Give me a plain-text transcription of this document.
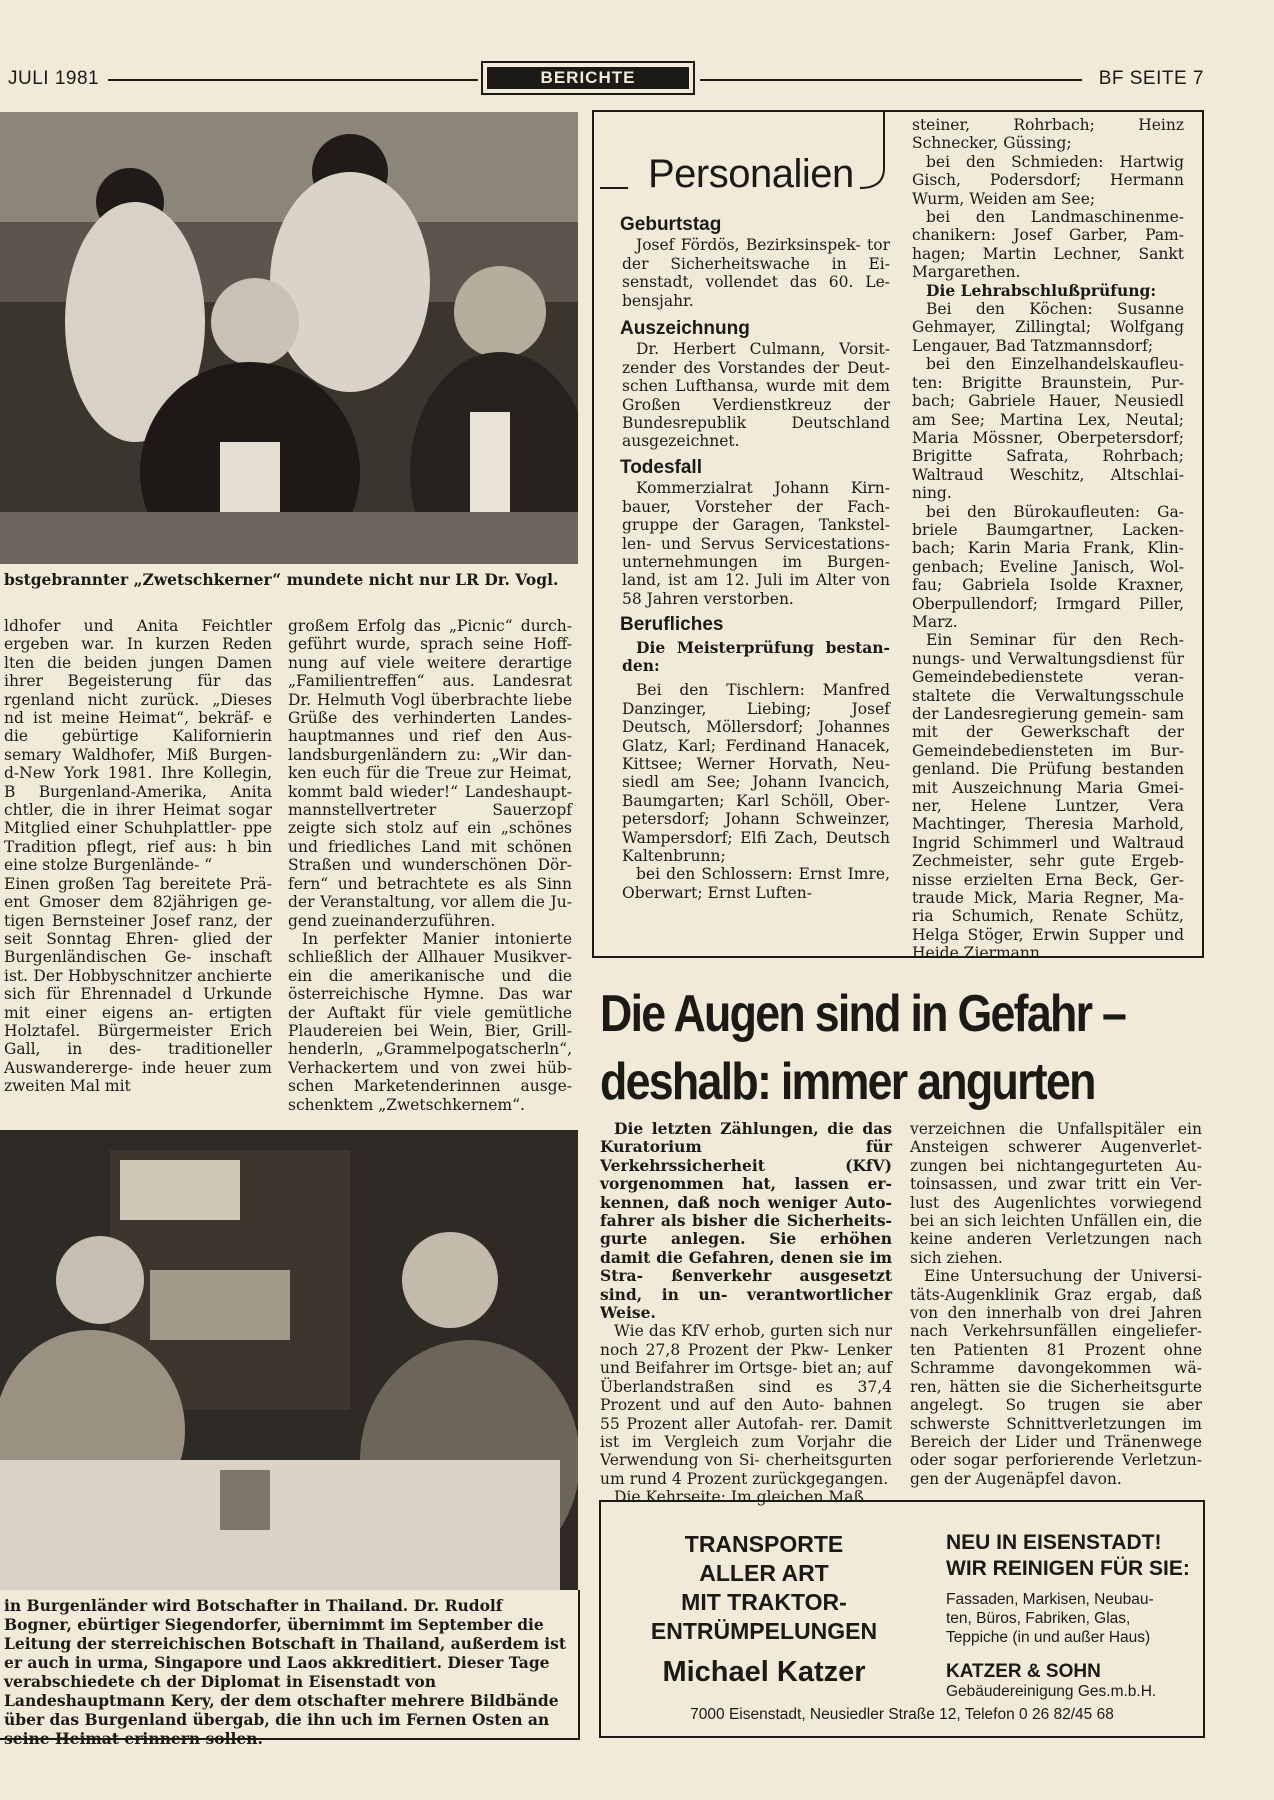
JULI 1981	BERICHTE	BF SEITE 7
bstgebrannter „Zwetschkerner“ mundete nicht nur LR Dr. Vogl.

ldhofer und Anita Feichtler ergeben war. In kurzen Reden lten die beiden jungen Damen ihrer Begeisterung für das rgenland nicht zurück. „Dieses nd ist meine Heimat“, bekräf- e die gebürtige Kalifornierin semary Waldhofer, Miß Burgen- d-New York 1981. Ihre Kollegin, B Burgenland-Amerika, Anita chtler, die in ihrer Heimat sogar Mitglied einer Schuhplattler- ppe Tradition pflegt, rief aus: h bin eine stolze Burgenlände- “

Einen großen Tag bereitete Prä- ent Gmoser dem 82jährigen ge- tigen Bernsteiner Josef ranz, der seit Sonntag Ehren- glied der Burgenländischen Ge- inschaft ist. Der Hobbyschnitzer anchierte sich für Ehrennadel d Urkunde mit einer eigens an- ertigten Holztafel. Bürgermeister Erich Gall, in des- traditioneller Auswandererge- inde heuer zum zweiten Mal mit

großem Erfolg das „Picnic“ durch- geführt wurde, sprach seine Hoff- nung auf viele weitere derartige „Familientreffen“ aus. Landesrat Dr. Helmuth Vogl überbrachte liebe Grüße des verhinderten Landes- hauptmannes und rief den Aus- landsburgenländern zu: „Wir dan- ken euch für die Treue zur Heimat, kommt bald wieder!“ Landeshaupt- mannstellvertreter Sauerzopf zeigte sich stolz auf ein „schönes und friedliches Land mit schönen Straßen und wunderschönen Dör- fern“ und betrachtete es als Sinn der Veranstaltung, vor allem die Ju- gend zueinanderzuführen.

In perfekter Manier intonierte schließlich der Allhauer Musikver- ein die amerikanische und die österreichische Hymne. Das war der Auftakt für viele gemütliche Plaudereien bei Wein, Bier, Grill- henderln, „Grammelpogatscherln“, Verhackertem und von zwei hüb- schen Marketenderinnen ausge- schenktem „Zwetschkernem“.

in Burgenländer wird Botschafter in Thailand. Dr. Rudolf Bogner, ebürtiger Siegendorfer, übernimmt im September die Leitung der sterreichischen Botschaft in Thailand, außerdem ist er auch in urma, Singapore und Laos akkreditiert. Dieser Tage verabschiedete ch der Diplomat in Eisenstadt von Landeshauptmann Kery, der dem otschafter mehrere Bildbände über das Burgenland übergab, die ihn uch im Fernen Osten an seine Heimat erinnern sollen.
Personalien
Geburtstag

Josef Fördös, Bezirksinspek- tor der Sicherheitswache in Ei- senstadt, vollendet das 60. Le- bensjahr.

Auszeichnung

Dr. Herbert Culmann, Vorsit- zender des Vorstandes der Deut- schen Lufthansa, wurde mit dem Großen Verdienstkreuz der Bundesrepublik Deutschland ausgezeichnet.

Todesfall

Kommerzialrat Johann Kirn- bauer, Vorsteher der Fach- gruppe der Garagen, Tankstel- len- und Servus Servicestations- unternehmungen im Burgen- land, ist am 12. Juli im Alter von 58 Jahren verstorben.

Berufliches

Die Meisterprüfung bestan- den:

Bei den Tischlern: Manfred Danzinger, Liebing; Josef Deutsch, Möllersdorf; Johannes Glatz, Karl; Ferdinand Hanacek, Kittsee; Werner Horvath, Neu- siedl am See; Johann Ivancich, Baumgarten; Karl Schöll, Ober- petersdorf; Johann Schweinzer, Wampersdorf; Elfi Zach, Deutsch Kaltenbrunn;

bei den Schlossern: Ernst Imre, Oberwart; Ernst Luften-

steiner, Rohrbach; Heinz Schnecker, Güssing;

bei den Schmieden: Hartwig Gisch, Podersdorf; Hermann Wurm, Weiden am See;

bei den Landmaschinenme- chanikern: Josef Garber, Pam- hagen; Martin Lechner, Sankt Margarethen.

Die Lehrabschlußprüfung:

Bei den Köchen: Susanne Gehmayer, Zillingtal; Wolfgang Lengauer, Bad Tatzmannsdorf;

bei den Einzelhandelskaufleu- ten: Brigitte Braunstein, Pur- bach; Gabriele Hauer, Neusiedl am See; Martina Lex, Neutal; Maria Mössner, Oberpetersdorf; Brigitte Safrata, Rohrbach; Waltraud Weschitz, Altschlai- ning.

bei den Bürokaufleuten: Ga- briele Baumgartner, Lacken- bach; Karin Maria Frank, Klin- genbach; Eveline Janisch, Wol- fau; Gabriela Isolde Kraxner, Oberpullendorf; Irmgard Piller, Marz.

Ein Seminar für den Rech- nungs- und Verwaltungsdienst für Gemeindebedienstete veran- staltete die Verwaltungsschule der Landesregierung gemein- sam mit der Gewerkschaft der Gemeindebediensteten im Bur- genland. Die Prüfung bestanden mit Auszeichnung Maria Gmei- ner, Helene Luntzer, Vera Machtinger, Theresia Marhold, Ingrid Schimmerl und Waltraud Zechmeister, sehr gute Ergeb- nisse erzielten Erna Beck, Ger- traude Mick, Maria Regner, Ma- ria Schumich, Renate Schütz, Helga Stöger, Erwin Supper und Heide Ziermann.

Die Augen sind in Gefahr –
deshalb: immer angurten

Die letzten Zählungen, die das Kuratorium für Verkehrssicherheit (KfV) vorgenommen hat, lassen er- kennen, daß noch weniger Auto- fahrer als bisher die Sicherheits- gurte anlegen. Sie erhöhen damit die Gefahren, denen sie im Stra- ßenverkehr ausgesetzt sind, in un- verantwortlicher Weise.

Wie das KfV erhob, gurten sich nur noch 27,8 Prozent der Pkw- Lenker und Beifahrer im Ortsge- biet an; auf Überlandstraßen sind es 37,4 Prozent und auf den Auto- bahnen 55 Prozent aller Autofah- rer. Damit ist im Vergleich zum Vorjahr die Verwendung von Si- cherheitsgurten um rund 4 Prozent zurückgegangen.

Die Kehrseite: Im gleichen Maß

verzeichnen die Unfallspitäler ein Ansteigen schwerer Augenverlet- zungen bei nichtangegurteten Au- toinsassen, und zwar tritt ein Ver- lust des Augenlichtes vorwiegend bei an sich leichten Unfällen ein, die keine anderen Verletzungen nach sich ziehen.

Eine Untersuchung der Universi- täts-Augenklinik Graz ergab, daß von den innerhalb von drei Jahren nach Verkehrsunfällen eingeliefer- ten Patienten 81 Prozent ohne Schramme davongekommen wä- ren, hätten sie die Sicherheitsgurte angelegt. So trugen sie aber schwerste Schnittverletzungen im Bereich der Lider und Tränenwege oder sogar perforierende Verletzun- gen der Augenäpfel davon.

TRANSPORTE
ALLER ART
MIT TRAKTOR-
ENTRÜMPELUNGEN
Michael Katzer
NEU IN EISENSTADT!
WIR REINIGEN FÜR SIE:
Fassaden, Markisen, Neubau-
ten, Büros, Fabriken, Glas,
Teppiche (in und außer Haus)
KATZER & SOHN
Gebäudereinigung Ges.m.b.H.
7000 Eisenstadt, Neusiedler Straße 12, Telefon 0 26 82/45 68
